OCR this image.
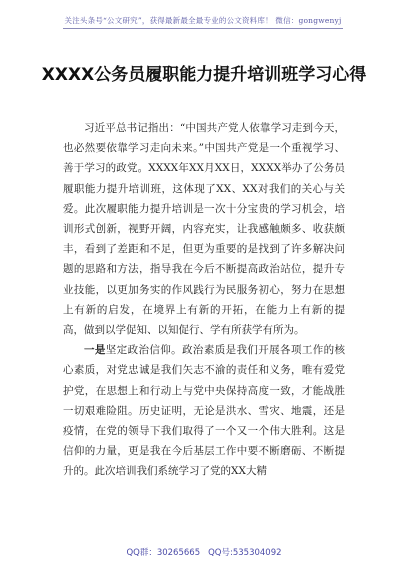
关注头条号“公文研究”，获得最新最全最专业的公文资料库！ 微信：gongwenyj
XXXX公务员履职能力提升培训班学习心得

习近平总书记指出：“中国共产党人依靠学习走到今天，也必然要依靠学习走向未来。”中国共产党是一个重视学习、善于学习的政党。XXXX年XX月XX日，XXXX举办了公务员履职能力提升培训班，这体现了XX、XX对我们的关心与关爱。此次履职能力提升培训是一次十分宝贵的学习机会，培训形式创新，视野开阔，内容充实，让我感触颇多、收获颇丰，看到了差距和不足，但更为重要的是找到了许多解决问题的思路和方法，指导我在今后不断提高政治站位，提升专业技能，以更加务实的作风践行为民服务初心，努力在思想上有新的启发，在境界上有新的开拓，在能力上有新的提高，做到以学促知、以知促行、学有所获学有所为。

一是坚定政治信仰。政治素质是我们开展各项工作的核心素质，对党忠诚是我们矢志不渝的责任和义务，唯有爱党护党，在思想上和行动上与党中央保持高度一致，才能战胜一切艰难险阻。历史证明，无论是洪水、雪灾、地震，还是疫情，在党的领导下我们取得了一个又一个伟大胜利。这是信仰的力量，更是我在今后基层工作中要不断磨砺、不断提升的。此次培训我们系统学习了党的XX大精

QQ群：30265665 QQ号:535304092
